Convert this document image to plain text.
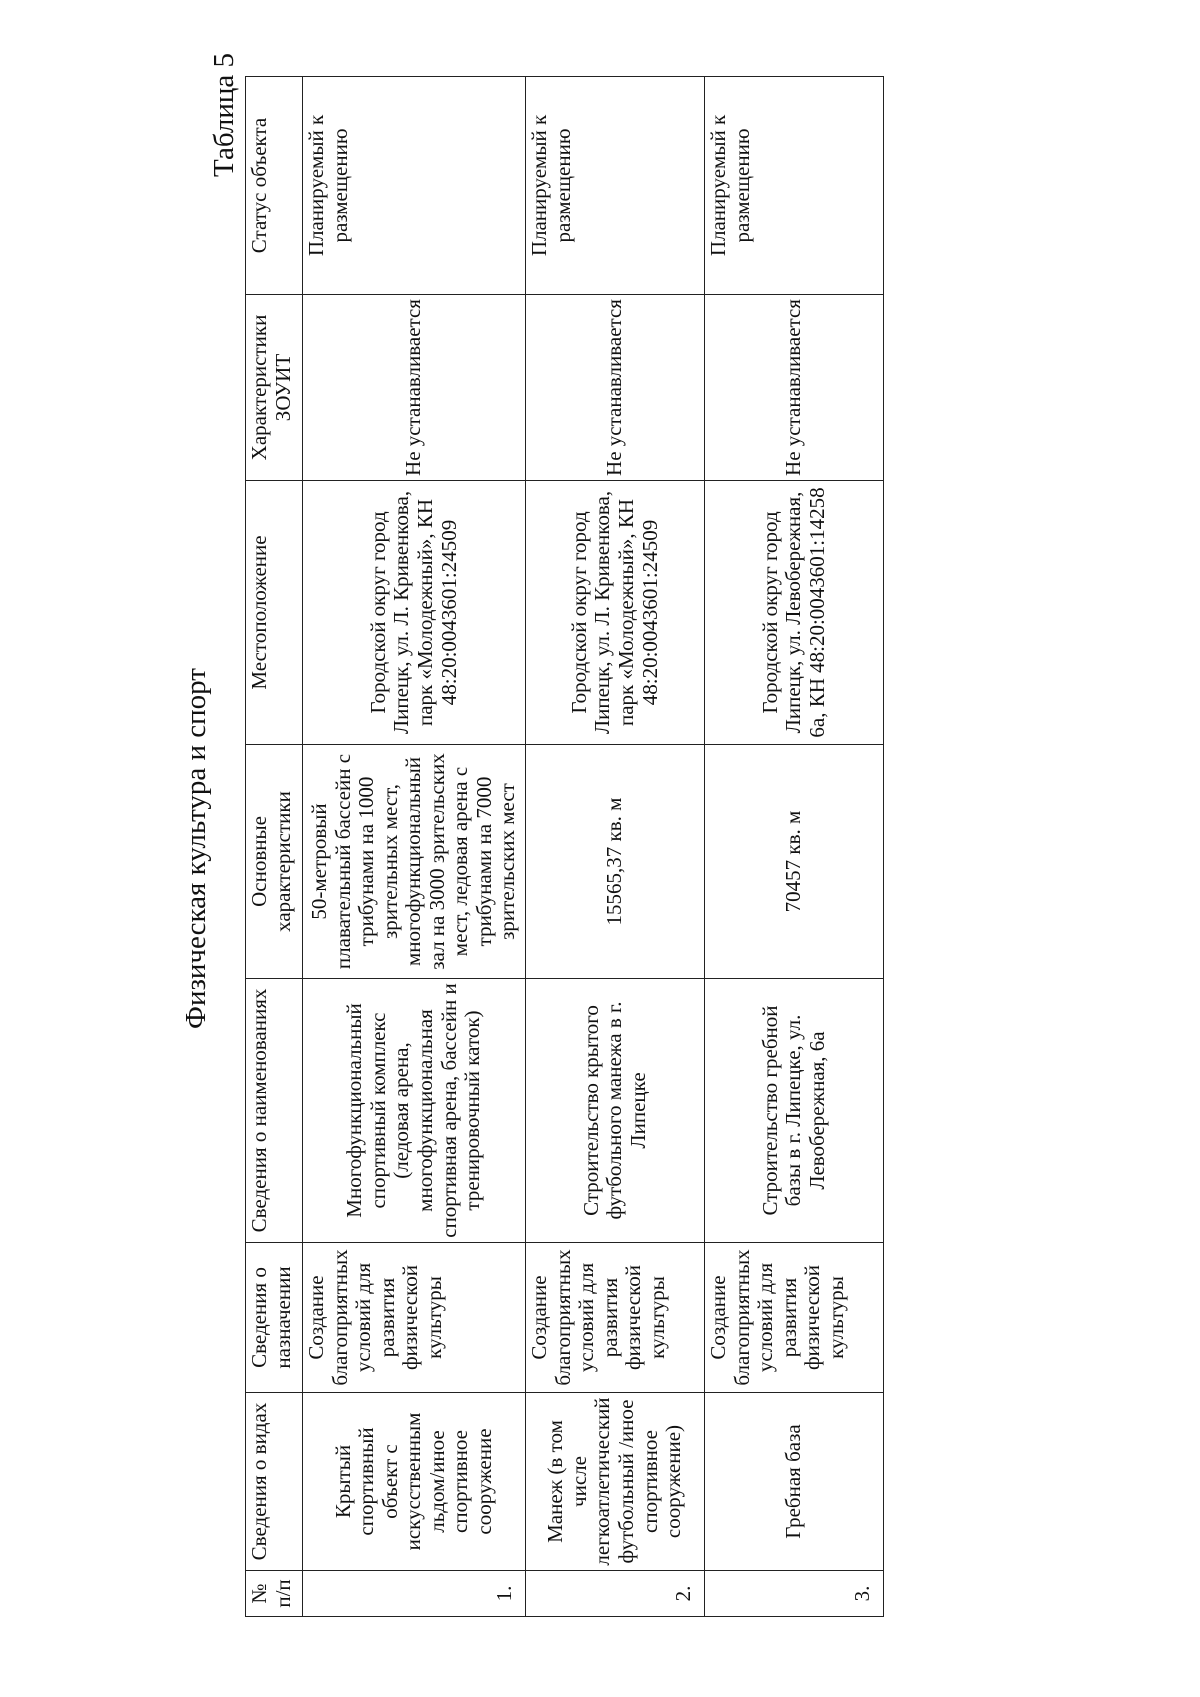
Физическая культура и спорт
Таблица 5
№ п/п	Сведения о видах	Сведения о назначении	Сведения о наименованиях	Основные характеристики	Местоположение	Характеристики ЗОУИТ	Статус объекта
1.	Крытый спортивный объект с искусственным льдом/иное спортивное сооружение	Создание благоприятных условий для развития физической культуры	Многофункциональный спортивный комплекс (ледовая арена, многофункциональная спортивная арена, бассейн и тренировочный каток)	50-метровый плавательный бассейн с трибунами на 1000 зрительных мест, многофункциональный зал на 3000 зрительских мест, ледовая арена с трибунами на 7000 зрительских мест	Городской округ город Липецк, ул. Л. Кривенкова, парк «Молодежный», КН 48:20:0043601:24509	Не устанавливается	Планируемый к размещению
2.	Манеж (в том числе легкоатлетический футбольный /иное спортивное сооружение)	Создание благоприятных условий для развития физической культуры	Строительство крытого футбольного манежа в г. Липецке	15565,37 кв. м	Городской округ город Липецк, ул. Л. Кривенкова, парк «Молодежный», КН 48:20:0043601:24509	Не устанавливается	Планируемый к размещению
3.	Гребная база	Создание благоприятных условий для развития физической культуры	Строительство гребной базы в г. Липецке, ул. Левобережная, 6а	70457 кв. м	Городской округ город Липецк, ул. Левобережная, 6а, КН 48:20:0043601:14258	Не устанавливается	Планируемый к размещению
